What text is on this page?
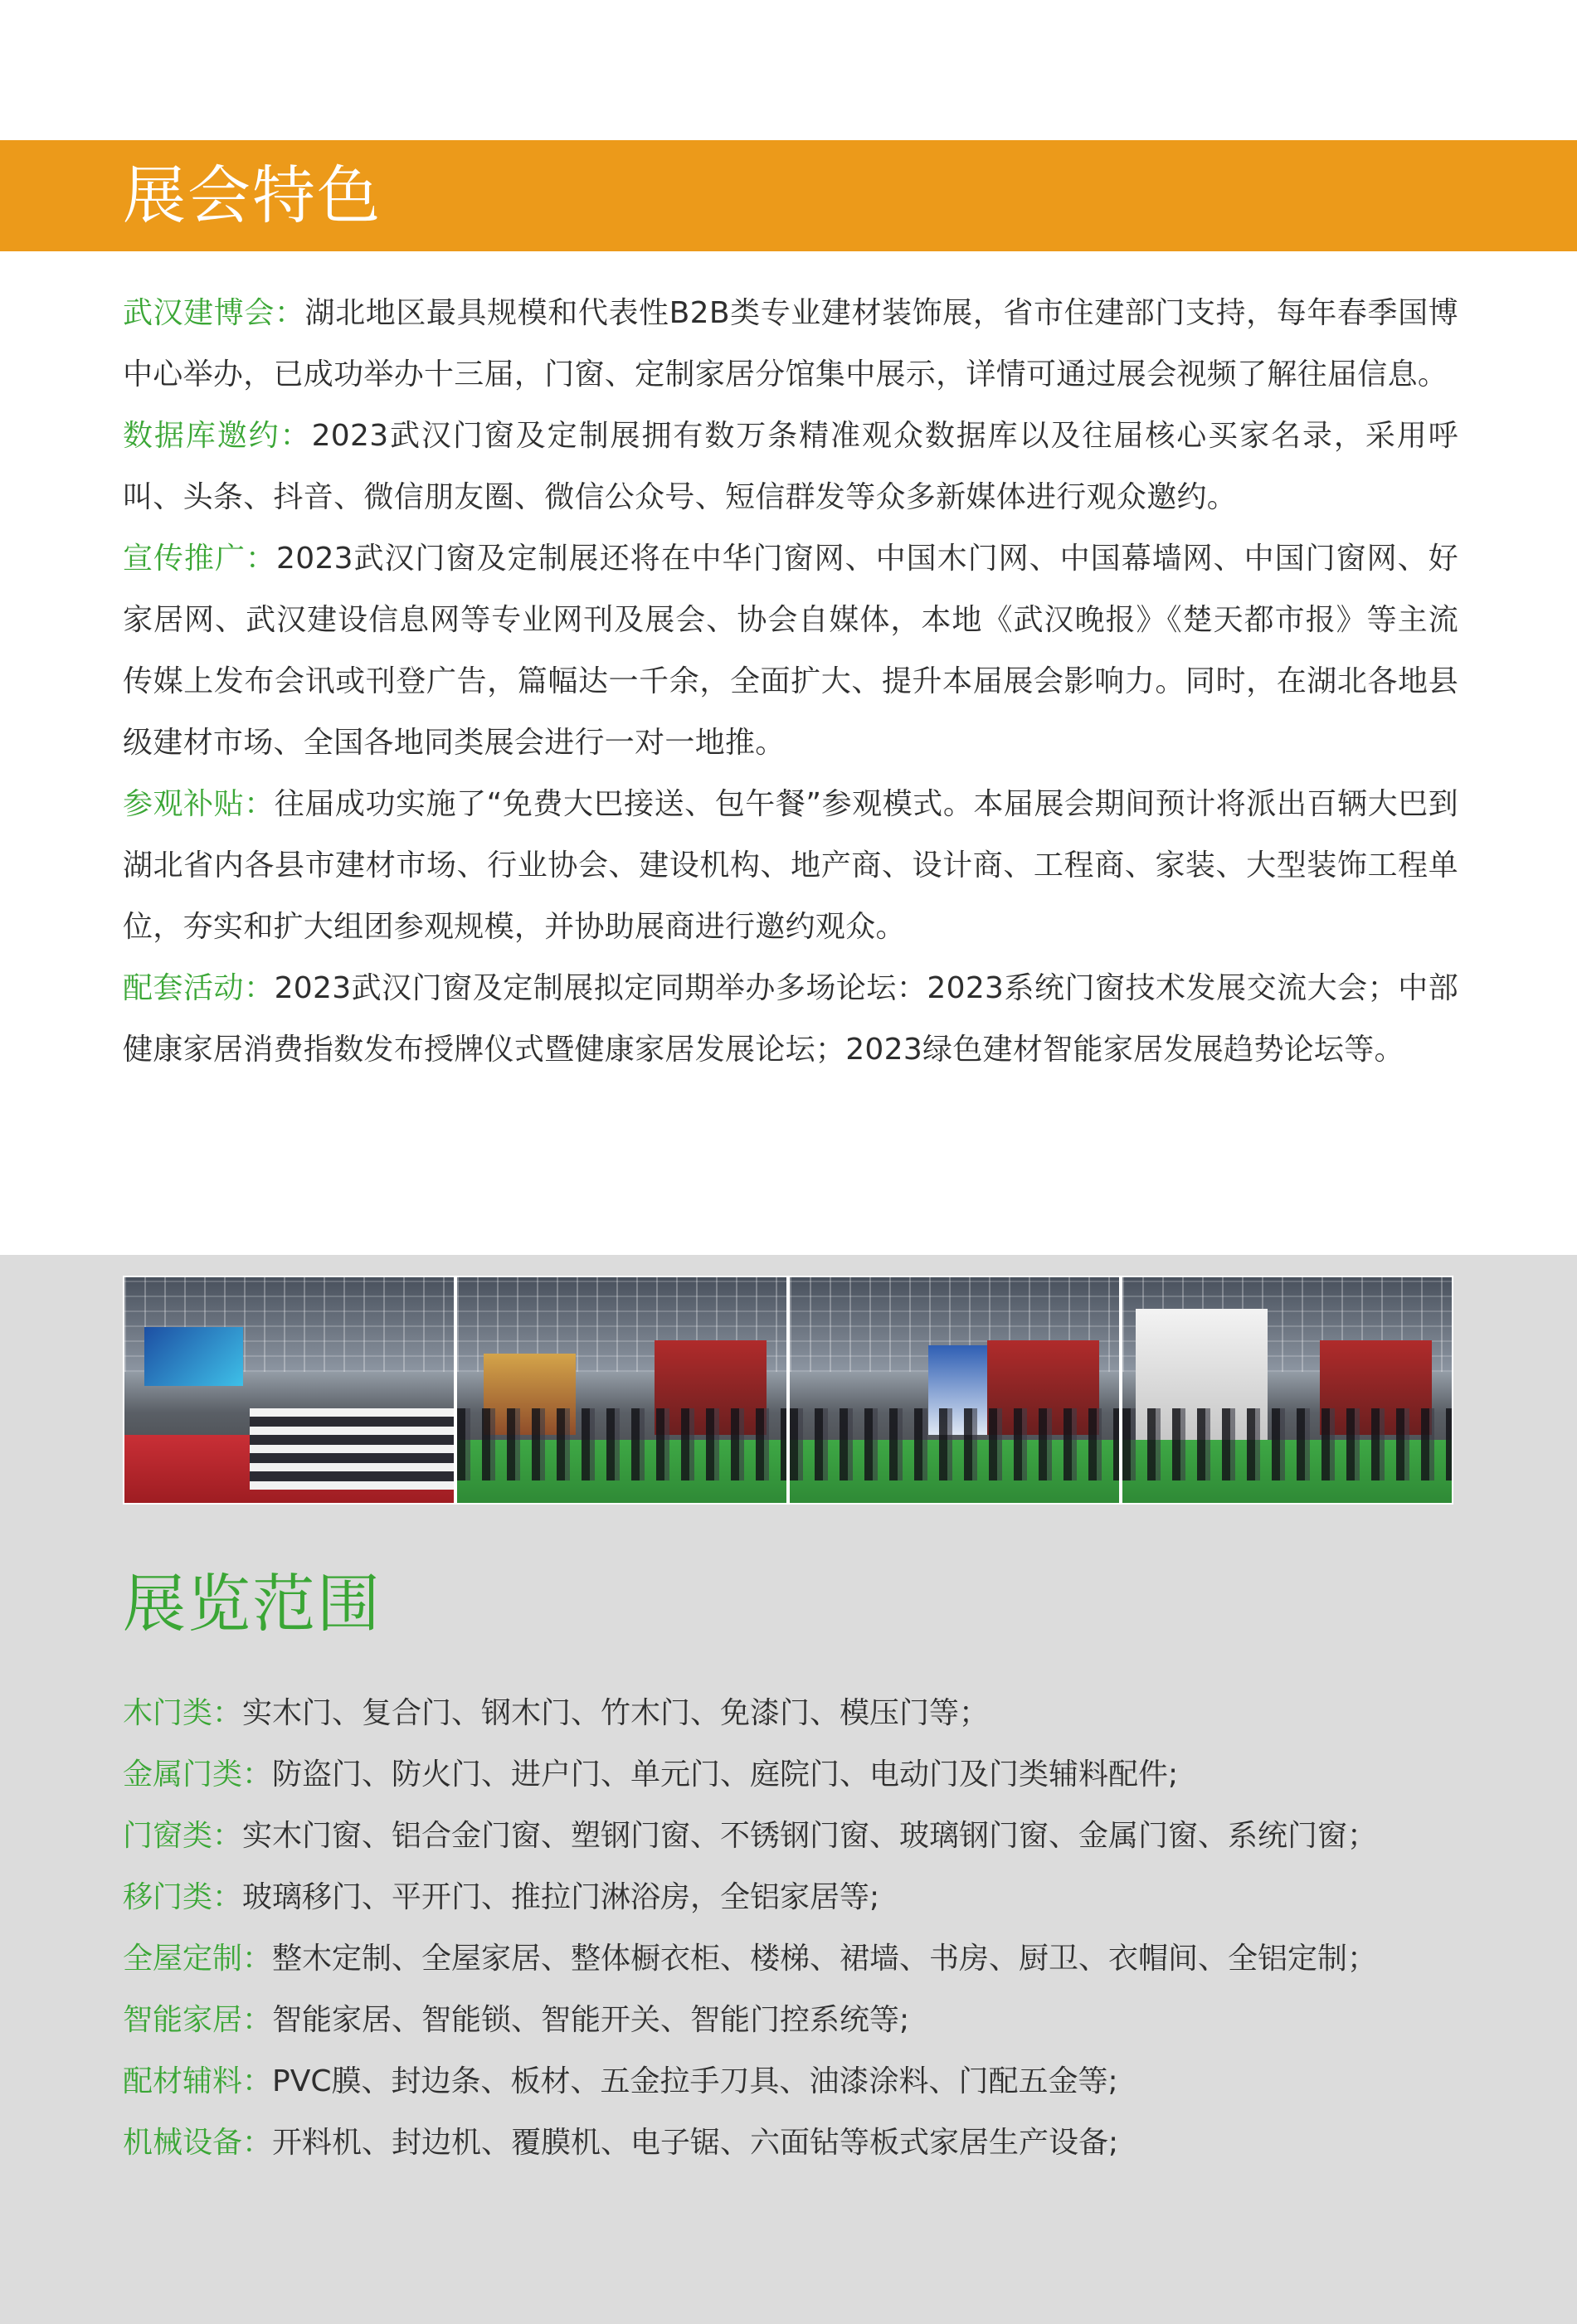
展会特色
武汉建博会：湖北地区最具规模和代表性B2B类专业建材装饰展，省市住建部门支持，每年春季国博中心举办，已成功举办十三届，门窗、定制家居分馆集中展示，详情可通过展会视频了解往届信息。
数据库邀约：2023武汉门窗及定制展拥有数万条精准观众数据库以及往届核心买家名录，采用呼叫、头条、抖音、微信朋友圈、微信公众号、短信群发等众多新媒体进行观众邀约。
宣传推广：2023武汉门窗及定制展还将在中华门窗网、中国木门网、中国幕墙网、中国门窗网、好家居网、武汉建设信息网等专业网刊及展会、协会自媒体，本地《武汉晚报》《楚天都市报》等主流传媒上发布会讯或刊登广告，篇幅达一千余，全面扩大、提升本届展会影响力。同时，在湖北各地县级建材市场、全国各地同类展会进行一对一地推。
参观补贴：往届成功实施了“免费大巴接送、包午餐”参观模式。本届展会期间预计将派出百辆大巴到湖北省内各县市建材市场、行业协会、建设机构、地产商、设计商、工程商、家装、大型装饰工程单位，夯实和扩大组团参观规模，并协助展商进行邀约观众。
配套活动：2023武汉门窗及定制展拟定同期举办多场论坛：2023系统门窗技术发展交流大会；中部健康家居消费指数发布授牌仪式暨健康家居发展论坛；2023绿色建材智能家居发展趋势论坛等。
展览范围
木门类：实木门、复合门、钢木门、竹木门、免漆门、模压门等；
金属门类：防盗门、防火门、进户门、单元门、庭院门、电动门及门类辅料配件;
门窗类：实木门窗、铝合金门窗、塑钢门窗、不锈钢门窗、玻璃钢门窗、金属门窗、系统门窗；
移门类：玻璃移门、平开门、推拉门淋浴房，全铝家居等;
全屋定制：整木定制、全屋家居、整体橱衣柜、楼梯、裙墙、书房、厨卫、衣帽间、全铝定制；
智能家居：智能家居、智能锁、智能开关、智能门控系统等;
配材辅料：PVC膜、封边条、板材、五金拉手刀具、油漆涂料、门配五金等;
机械设备：开料机、封边机、覆膜机、电子锯、六面钻等板式家居生产设备;
